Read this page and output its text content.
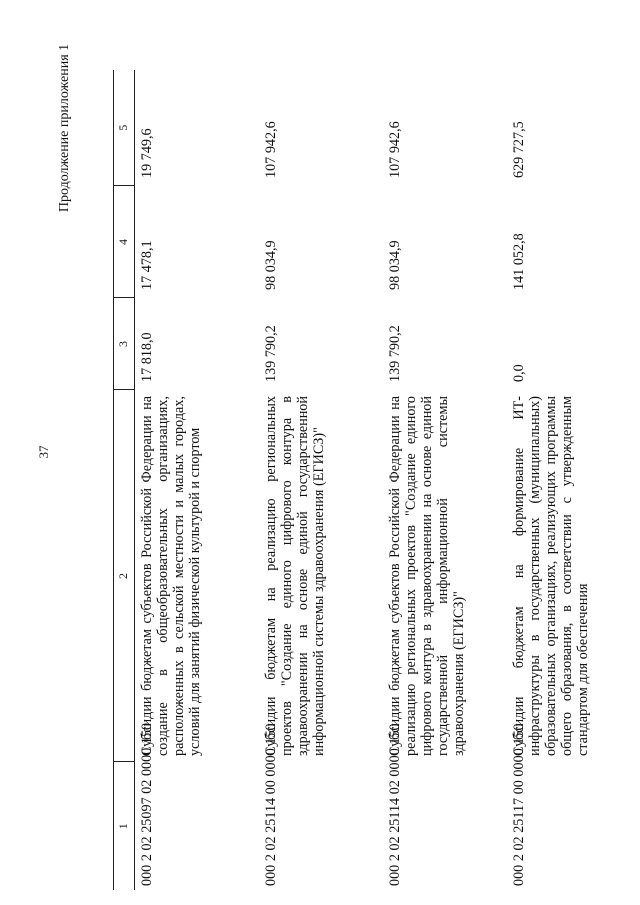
37
Продолжение приложения 1
1	2	3	4	5
000 2 02 25097 02 0000 150	Субсидии бюджетам субъектов Российской Федерации на создание в общеобразовательных организациях, расположенных в сельской местности и малых городах, условий для занятий физической культурой и спортом	17 818,0	17 478,1	19 749,6
000 2 02 25114 00 0000 150	Субсидии бюджетам на реализацию региональных проектов "Создание единого цифрового контура в здравоохранении на основе единой государственной информационной системы здравоохранения (ЕГИСЗ)"	139 790,2	98 034,9	107 942,6
000 2 02 25114 02 0000 150	Субсидии бюджетам субъектов Российской Федерации на реализацию региональных проектов "Создание единого цифрового контура в здравоохранении на основе единой государственной информационной системы здравоохранения (ЕГИСЗ)"	139 790,2	98 034,9	107 942,6
000 2 02 25117 00 0000 150	Субсидии бюджетам на формирование ИТ-инфраструктуры в государственных (муниципальных) образовательных организациях, реализующих программы общего образования, в соответствии с утвержденным стандартом для обеспечения	0,0	141 052,8	629 727,5
